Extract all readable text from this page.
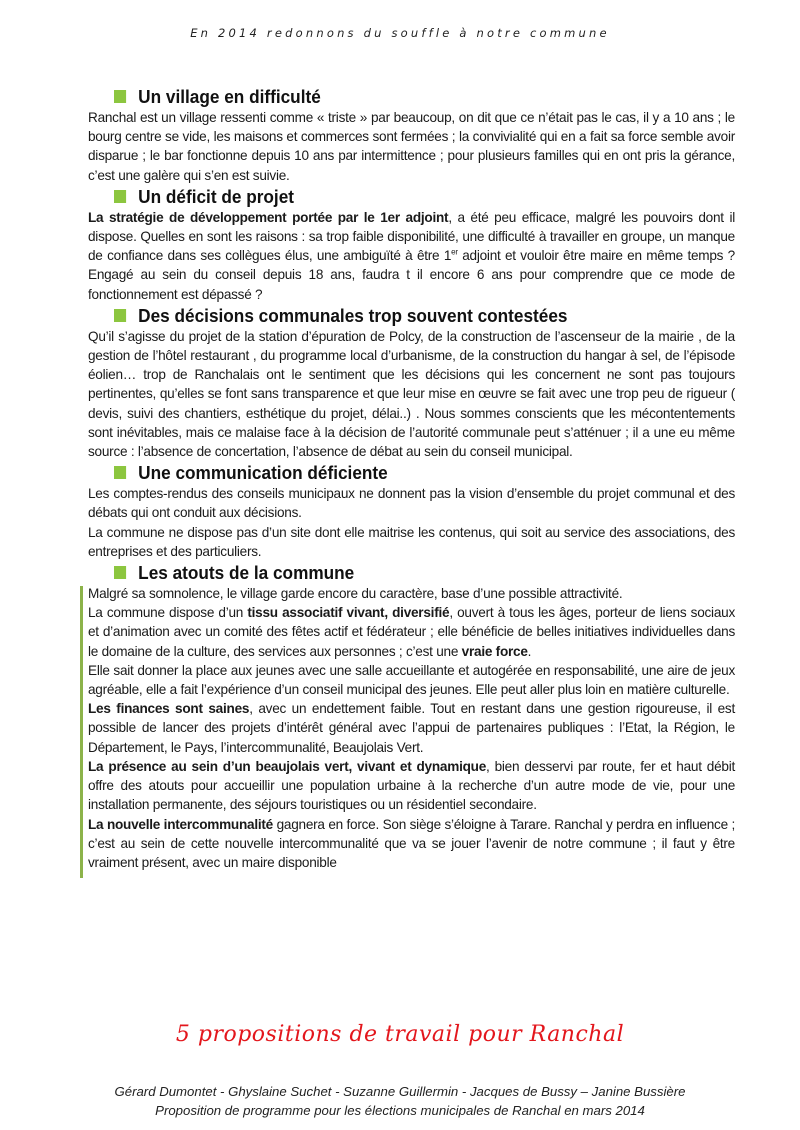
En 2014 redonnons du souffle à notre commune
Un village en difficulté

Ranchal est un village ressenti comme « triste » par beaucoup, on dit que ce n’était pas le cas, il y a 10 ans ; le bourg centre se vide, les maisons et commerces sont fermées ; la convivialité qui en a fait sa force semble avoir disparue ; le bar fonctionne depuis 10 ans par intermittence ; pour plusieurs familles qui en ont pris la gérance, c’est une galère qui s’en est suivie.

Un déficit de projet

La stratégie de développement portée par le 1er adjoint, a été peu efficace, malgré les pouvoirs dont il dispose. Quelles en sont les raisons : sa trop faible disponibilité, une difficulté à travailler en groupe, un manque de confiance dans ses collègues élus, une ambiguïté à être 1er adjoint et vouloir être maire en même temps ? Engagé au sein du conseil depuis 18 ans, faudra t il encore 6 ans pour comprendre que ce mode de fonctionnement est dépassé ?

Des décisions communales trop souvent contestées

Qu’il s’agisse du projet de la station d’épuration de Polcy, de la construction de l’ascenseur de la mairie , de la gestion de l’hôtel restaurant , du programme local d’urbanisme, de la construction du hangar à sel, de l’épisode éolien… trop de Ranchalais ont le sentiment que les décisions qui les concernent ne sont pas toujours pertinentes, qu’elles se font sans transparence et que leur mise en œuvre se fait avec une trop peu de rigueur ( devis, suivi des chantiers, esthétique du projet, délai..) . Nous sommes conscients que les mécontentements sont inévitables, mais ce malaise face à la décision de l’autorité communale peut s’atténuer ; il a une eu même source : l’absence de concertation, l’absence de débat au sein du conseil municipal.

Une communication déficiente

Les comptes-rendus des conseils municipaux ne donnent pas la vision d’ensemble du projet communal et des débats qui ont conduit aux décisions.

La commune ne dispose pas d’un site dont elle maitrise les contenus, qui soit au service des associations, des entreprises et des particuliers.

Les atouts de la commune

Malgré sa somnolence, le village garde encore du caractère, base d’une possible attractivité.

La commune dispose d’un tissu associatif vivant, diversifié, ouvert à tous les âges, porteur de liens sociaux et d’animation avec un comité des fêtes actif et fédérateur ; elle bénéficie de belles initiatives individuelles dans le domaine de la culture, des services aux personnes ; c’est une vraie force.

Elle sait donner la place aux jeunes avec une salle accueillante et autogérée en responsabilité, une aire de jeux agréable, elle a fait l’expérience d’un conseil municipal des jeunes. Elle peut aller plus loin en matière culturelle.

Les finances sont saines, avec un endettement faible. Tout en restant dans une gestion rigoureuse, il est possible de lancer des projets d’intérêt général avec l’appui de partenaires publiques : l’Etat, la Région, le Département, le Pays, l’intercommunalité, Beaujolais Vert.

La présence au sein d’un beaujolais vert, vivant et dynamique, bien desservi par route, fer et haut débit offre des atouts pour accueillir une population urbaine à la recherche d’un autre mode de vie, pour une installation permanente, des séjours touristiques ou un résidentiel secondaire.

La nouvelle intercommunalité gagnera en force. Son siège s’éloigne à Tarare. Ranchal y perdra en influence ; c’est au sein de cette nouvelle intercommunalité que va se jouer l’avenir de notre commune ; il faut y être vraiment présent, avec un maire disponible

5 propositions de travail pour Ranchal
Gérard Dumontet - Ghyslaine Suchet - Suzanne Guillermin - Jacques de Bussy – Janine Bussière
Proposition de programme pour les élections municipales de Ranchal en mars 2014
